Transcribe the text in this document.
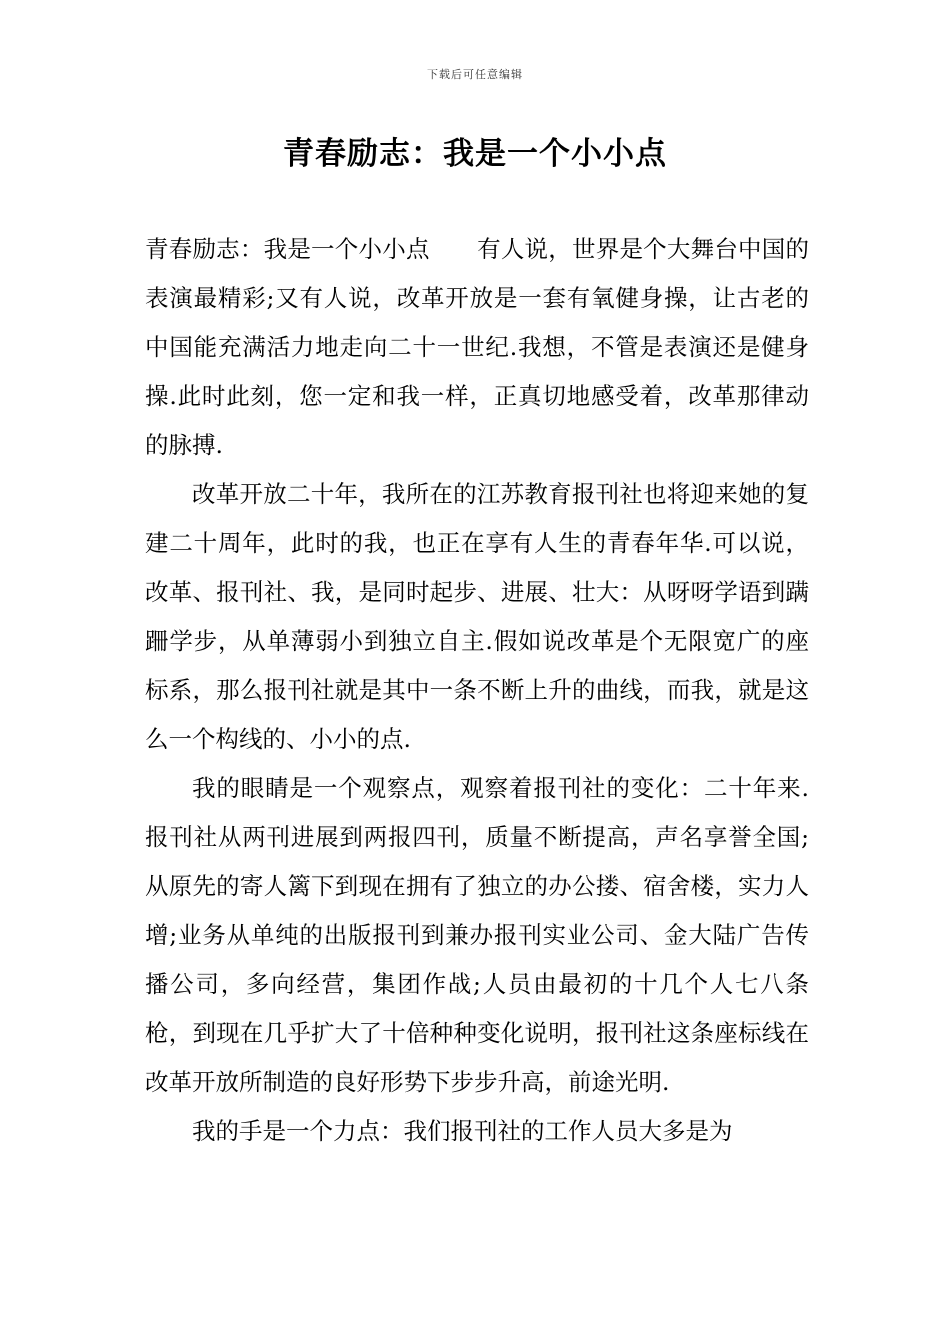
下载后可任意编辑
青春励志：我是一个小小点

青春励志：我是一个小小点　　有人说，世界是个大舞台中国的表演最精彩;又有人说，改革开放是一套有氧健身操，让古老的中国能充满活力地走向二十一世纪.我想，不管是表演还是健身操.此时此刻，您一定和我一样，正真切地感受着，改革那律动的脉搏.

改革开放二十年，我所在的江苏教育报刊社也将迎来她的复建二十周年，此时的我，也正在享有人生的青春年华.可以说，改革、报刊社、我，是同时起步、进展、壮大：从呀呀学语到蹒跚学步，从单薄弱小到独立自主.假如说改革是个无限宽广的座标系，那么报刊社就是其中一条不断上升的曲线，而我，就是这么一个构线的、小小的点.

我的眼睛是一个观察点，观察着报刊社的变化：二十年来.报刊社从两刊进展到两报四刊，质量不断提高，声名享誉全国;从原先的寄人篱下到现在拥有了独立的办公搂、宿舍楼，实力人增;业务从单纯的出版报刊到兼办报刊实业公司、金大陆广告传播公司，多向经营，集团作战;人员由最初的十几个人七八条枪，到现在几乎扩大了十倍种种变化说明，报刊社这条座标线在改革开放所制造的良好形势下步步升高，前途光明.

我的手是一个力点：我们报刊社的工作人员大多是为
